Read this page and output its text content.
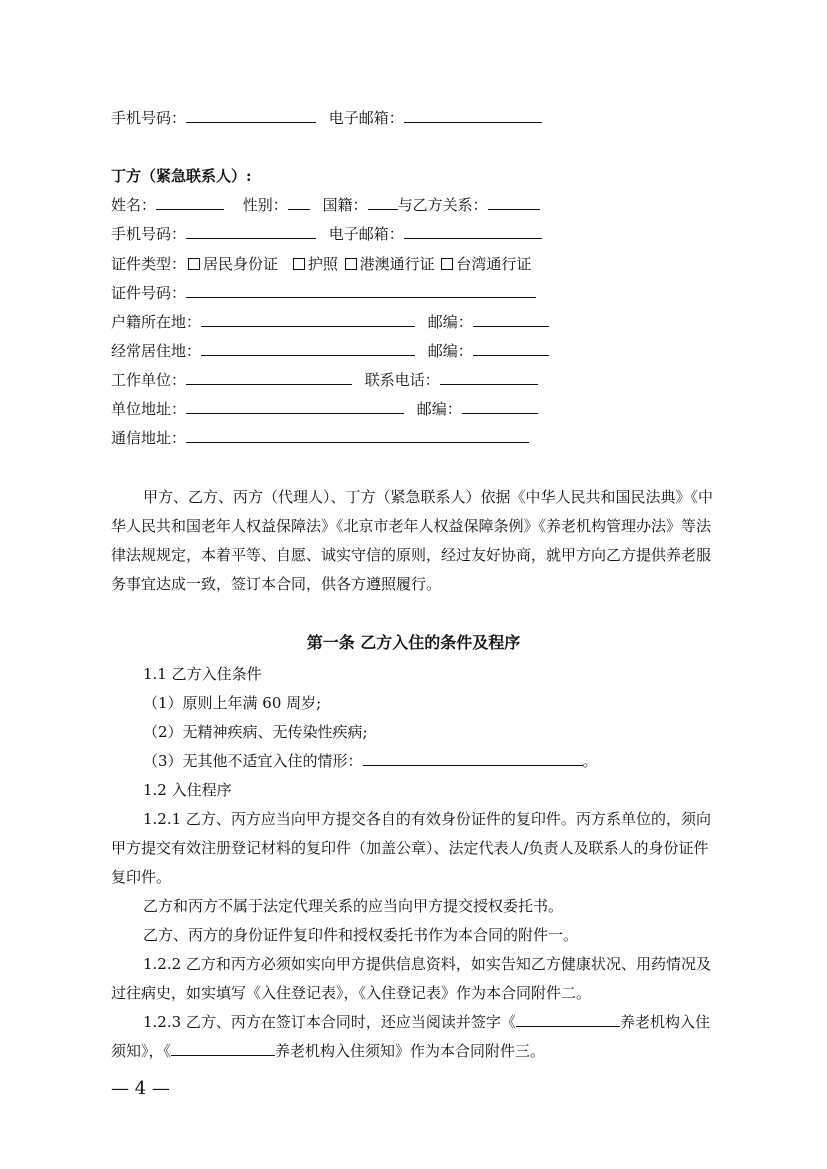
手机号码：	电子邮箱：
丁方（紧急联系人）:
姓名：	性别： 国籍： 与乙方关系：
手机号码：	电子邮箱：
证件类型： 居民身份证 护照 港澳通行证 台湾通行证
证件号码：
户籍所在地：	邮编：
经常居住地：	邮编：
工作单位：	联系电话：
单位地址：	邮编：
通信地址：
甲方、乙方、丙方（代理人）、丁方（紧急联系人）依据《中华人民共和国民法典》《中
华人民共和国老年人权益保障法》《北京市老年人权益保障条例》《养老机构管理办法》等法
律法规规定，本着平等、自愿、诚实守信的原则，经过友好协商，就甲方向乙方提供养老服
务事宜达成一致，签订本合同，供各方遵照履行。
第一条 乙方入住的条件及程序
1.1 乙方入住条件
（1）原则上年满 60 周岁;
（2）无精神疾病、无传染性疾病;
（3）无其他不适宜入住的情形：	。
1.2 入住程序
1.2.1 乙方、丙方应当向甲方提交各自的有效身份证件的复印件。丙方系单位的，须向
甲方提交有效注册登记材料的复印件（加盖公章）、法定代表人/负责人及联系人的身份证件
复印件。
乙方和丙方不属于法定代理关系的应当向甲方提交授权委托书。
乙方、丙方的身份证件复印件和授权委托书作为本合同的附件一。
1.2.2 乙方和丙方必须如实向甲方提供信息资料，如实告知乙方健康状况、用药情况及
过往病史，如实填写《入住登记表》，《入住登记表》作为本合同附件二。
1.2.3 乙方、丙方在签订本合同时，还应当阅读并签字《	养老机构入住
须知》，《	养老机构入住须知》作为本合同附件三。
— 4 —
